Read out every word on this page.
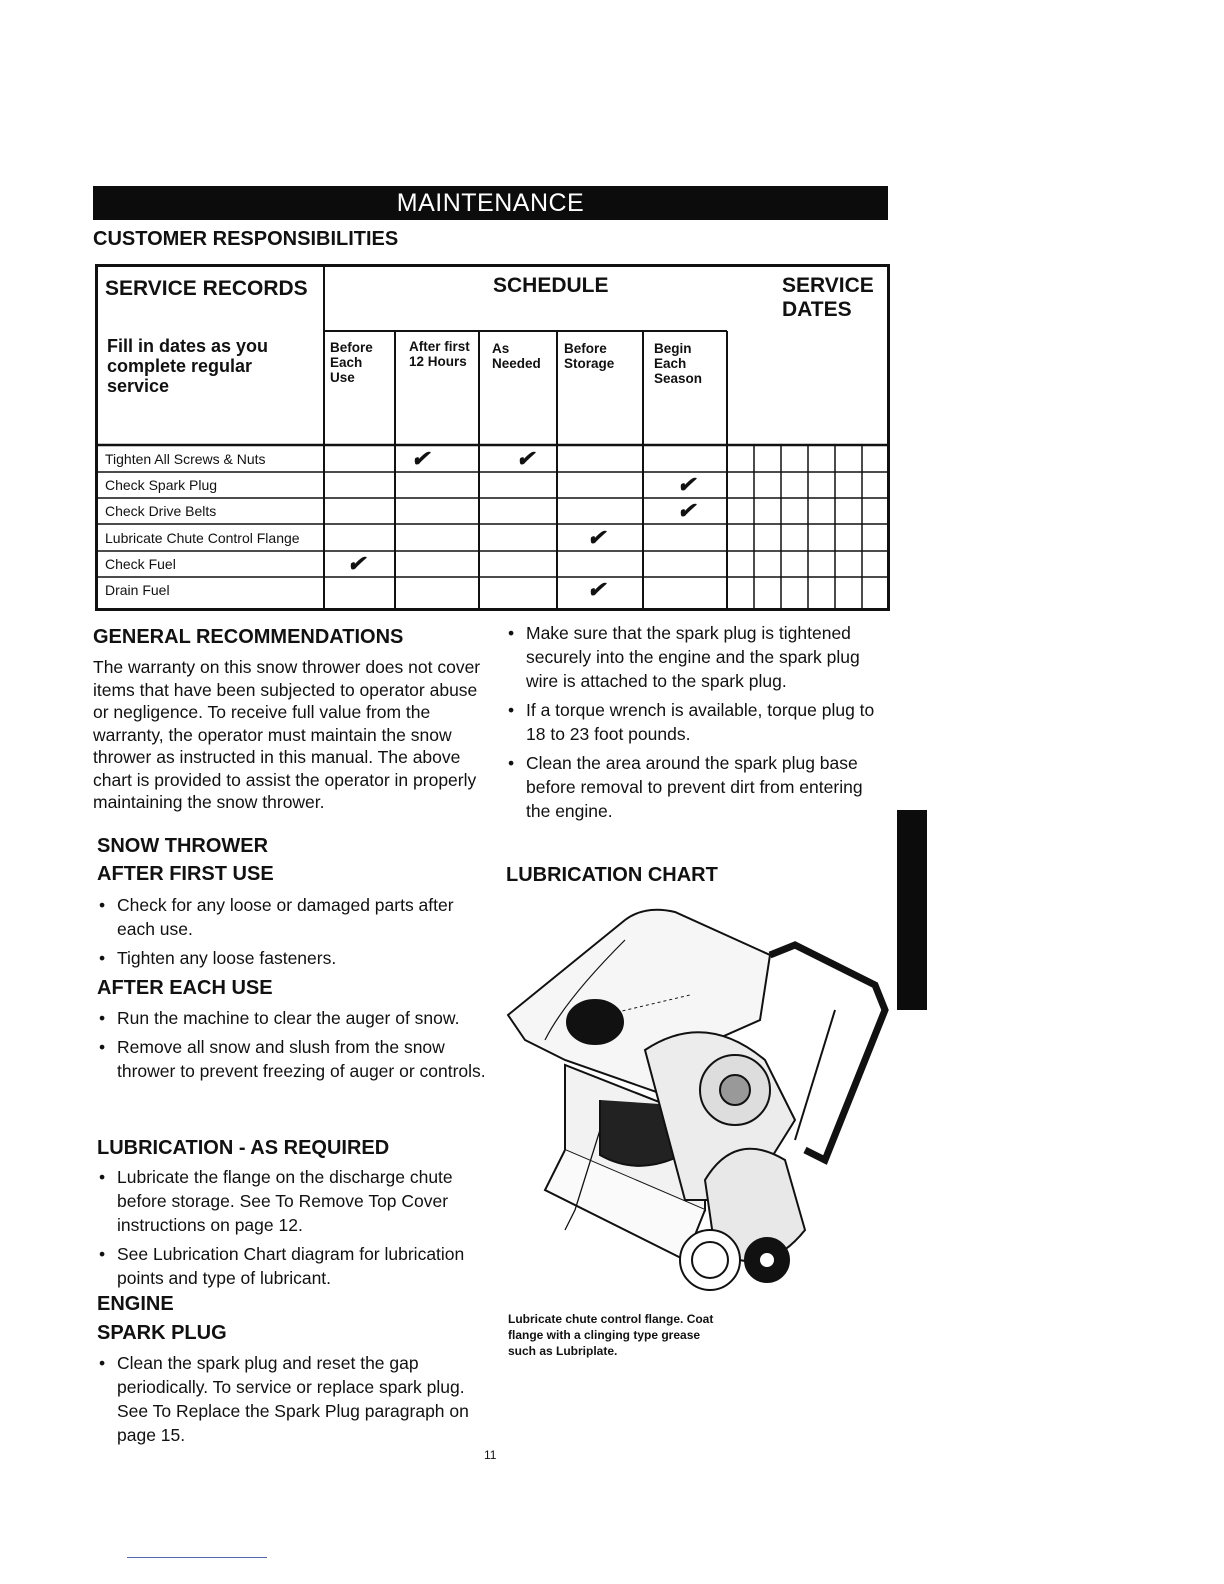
MAINTENANCE
CUSTOMER RESPONSIBILITIES
SERVICE RECORDS
Fill in dates as you complete regular service
SCHEDULE	SERVICE DATES
Before Each Use
After first 12 Hours
As Needed
Before Storage
Begin Each Season
Tighten All Screws & Nuts
Check Spark Plug
Check Drive Belts
Lubricate Chute Control Flange
Check Fuel
Drain Fuel
✔	✔
✔
✔
✔
✔
✔
GENERAL RECOMMENDATIONS
The warranty on this snow thrower does not cover items that have been subjected to operator abuse or negligence. To receive full value from the warranty, the operator must maintain the snow thrower as instructed in this manual. The above chart is provided to assist the operator in properly maintaining the snow thrower.
SNOW THROWER
AFTER FIRST USE
• Check for any loose or damaged parts after each use.
• Tighten any loose fasteners.
AFTER EACH USE
• Run the machine to clear the auger of snow.
• Remove all snow and slush from the snow thrower to prevent freezing of auger or controls.
LUBRICATION - AS REQUIRED
• Lubricate the flange on the discharge chute before storage. See To Remove Top Cover instructions on page 12.
• See Lubrication Chart diagram for lubrication points and type of lubricant.
ENGINE
SPARK PLUG
• Clean the spark plug and reset the gap periodically. To service or replace spark plug. See To Replace the Spark Plug paragraph on page 15.
• Make sure that the spark plug is tightened securely into the engine and the spark plug wire is attached to the spark plug.
• If a torque wrench is available, torque plug to 18 to 23 foot pounds.
• Clean the area around the spark plug base before removal to prevent dirt from entering the engine.
LUBRICATION CHART
Lubricate chute control flange. Coat flange with a clinging type grease such as Lubriplate.
11
